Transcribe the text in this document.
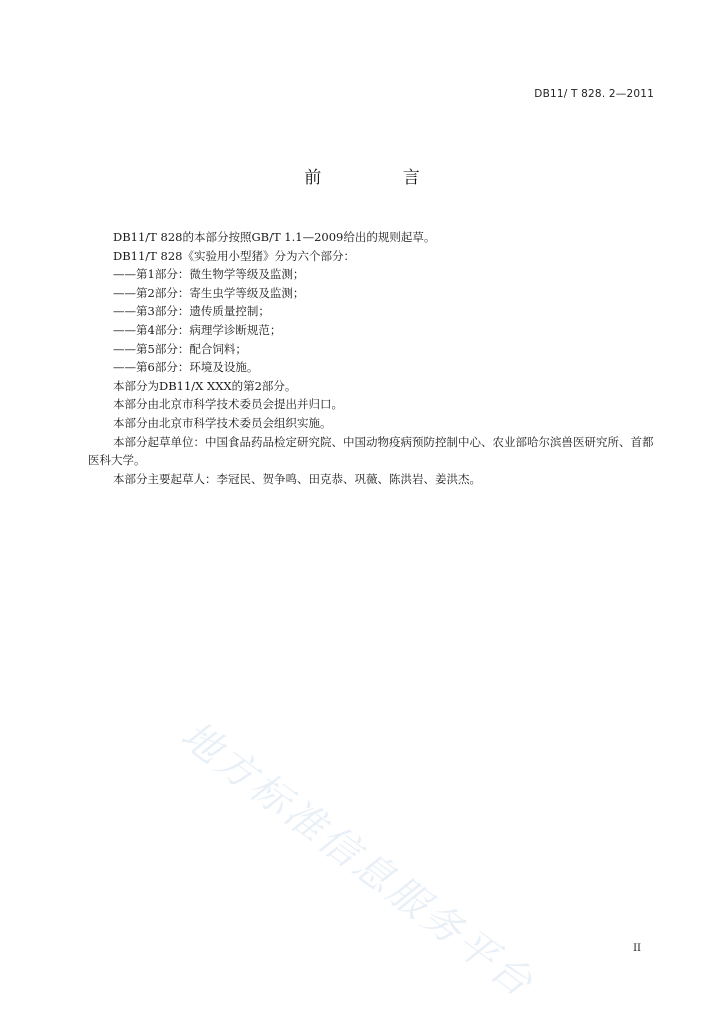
DB11/ T 828. 2—2011
前 言

DB11/T 828的本部分按照GB/T 1.1—2009给出的规则起草。

DB11/T 828《实验用小型猪》分为六个部分：

——第1部分：微生物学等级及监测；

——第2部分：寄生虫学等级及监测；

——第3部分：遗传质量控制；

——第4部分：病理学诊断规范；

——第5部分：配合饲料；

——第6部分：环境及设施。

本部分为DB11/X XXX的第2部分。

本部分由北京市科学技术委员会提出并归口。

本部分由北京市科学技术委员会组织实施。

本部分起草单位：中国食品药品检定研究院、中国动物疫病预防控制中心、农业部哈尔滨兽医研究所、首都医科大学。

本部分主要起草人：李冠民、贺争鸣、田克恭、巩薇、陈洪岩、姜洪杰。

地方标准信息服务平台	II
